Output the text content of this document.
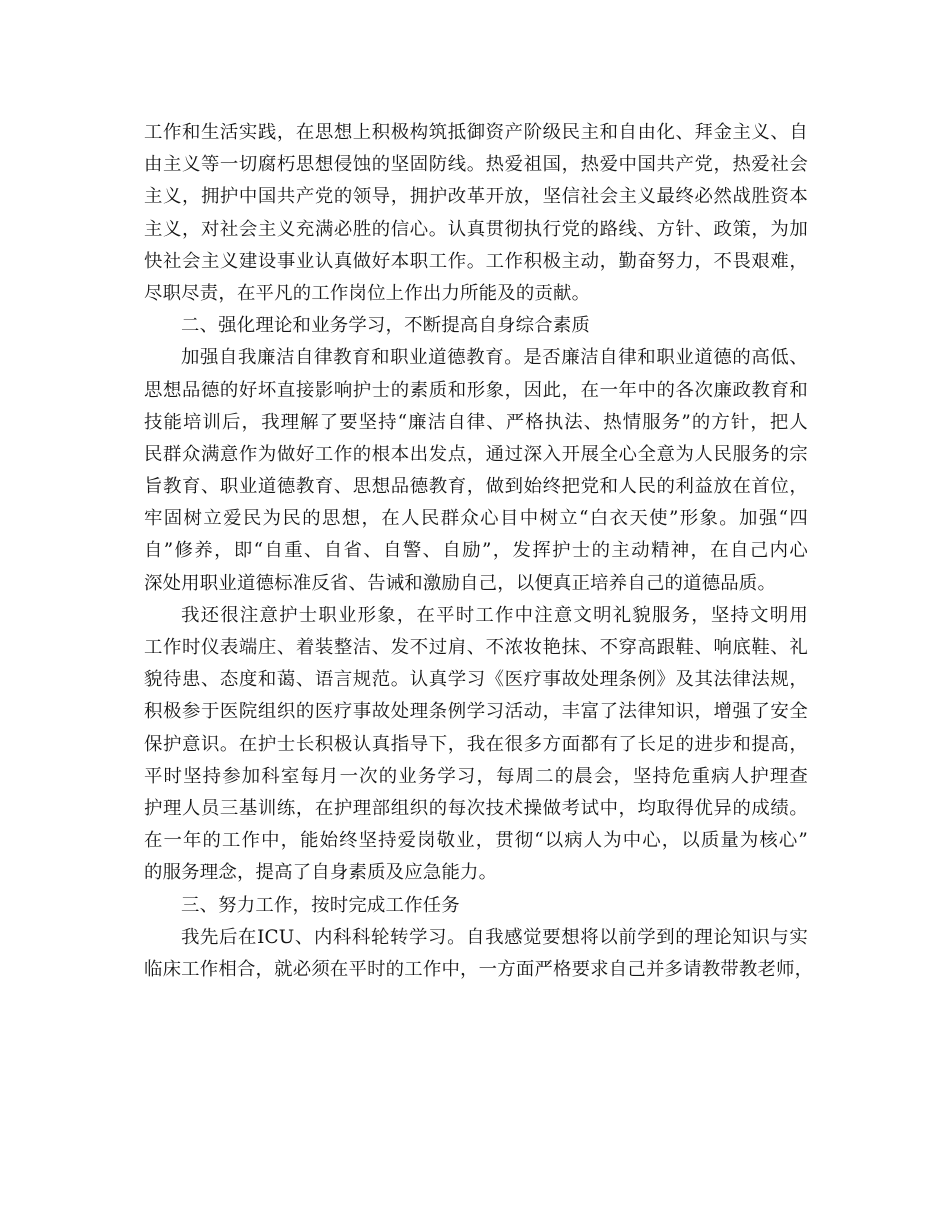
工作和生活实践，在思想上积极构筑抵御资产阶级民主和自由化、拜金主义、自
由主义等一切腐朽思想侵蚀的坚固防线。热爱祖国，热爱中国共产党，热爱社会
主义，拥护中国共产党的领导，拥护改革开放，坚信社会主义最终必然战胜资本
主义，对社会主义充满必胜的信心。认真贯彻执行党的路线、方针、政策，为加
快社会主义建设事业认真做好本职工作。工作积极主动，勤奋努力，不畏艰难，
尽职尽责，在平凡的工作岗位上作出力所能及的贡献。
二、强化理论和业务学习，不断提高自身综合素质
加强自我廉洁自律教育和职业道德教育。是否廉洁自律和职业道德的高低、
思想品德的好坏直接影响护士的素质和形象，因此，在一年中的各次廉政教育和
技能培训后，我理解了要坚持“廉洁自律、严格执法、热情服务”的方针，把人
民群众满意作为做好工作的根本出发点，通过深入开展全心全意为人民服务的宗
旨教育、职业道德教育、思想品德教育，做到始终把党和人民的利益放在首位，
牢固树立爱民为民的思想，在人民群众心目中树立“白衣天使”形象。加强“四
自”修养，即“自重、自省、自警、自励”，发挥护士的主动精神，在自己内心
深处用职业道德标准反省、告诫和激励自己，以便真正培养自己的道德品质。
我还很注意护士职业形象，在平时工作中注意文明礼貌服务，坚持文明用
工作时仪表端庄、着装整洁、发不过肩、不浓妆艳抹、不穿高跟鞋、响底鞋、礼
貌待患、态度和蔼、语言规范。认真学习《医疗事故处理条例》及其法律法规，
积极参于医院组织的医疗事故处理条例学习活动，丰富了法律知识，增强了安全
保护意识。在护士长积极认真指导下，我在很多方面都有了长足的进步和提高，
平时坚持参加科室每月一次的业务学习，每周二的晨会，坚持危重病人护理查
护理人员三基训练，在护理部组织的每次技术操做考试中，均取得优异的成绩。
在一年的工作中，能始终坚持爱岗敬业，贯彻“以病人为中心，以质量为核心”
的服务理念，提高了自身素质及应急能力。
三、努力工作，按时完成工作任务
我先后在ICU、内科科轮转学习。自我感觉要想将以前学到的理论知识与实
临床工作相合，就必须在平时的工作中，一方面严格要求自己并多请教带教老师，
